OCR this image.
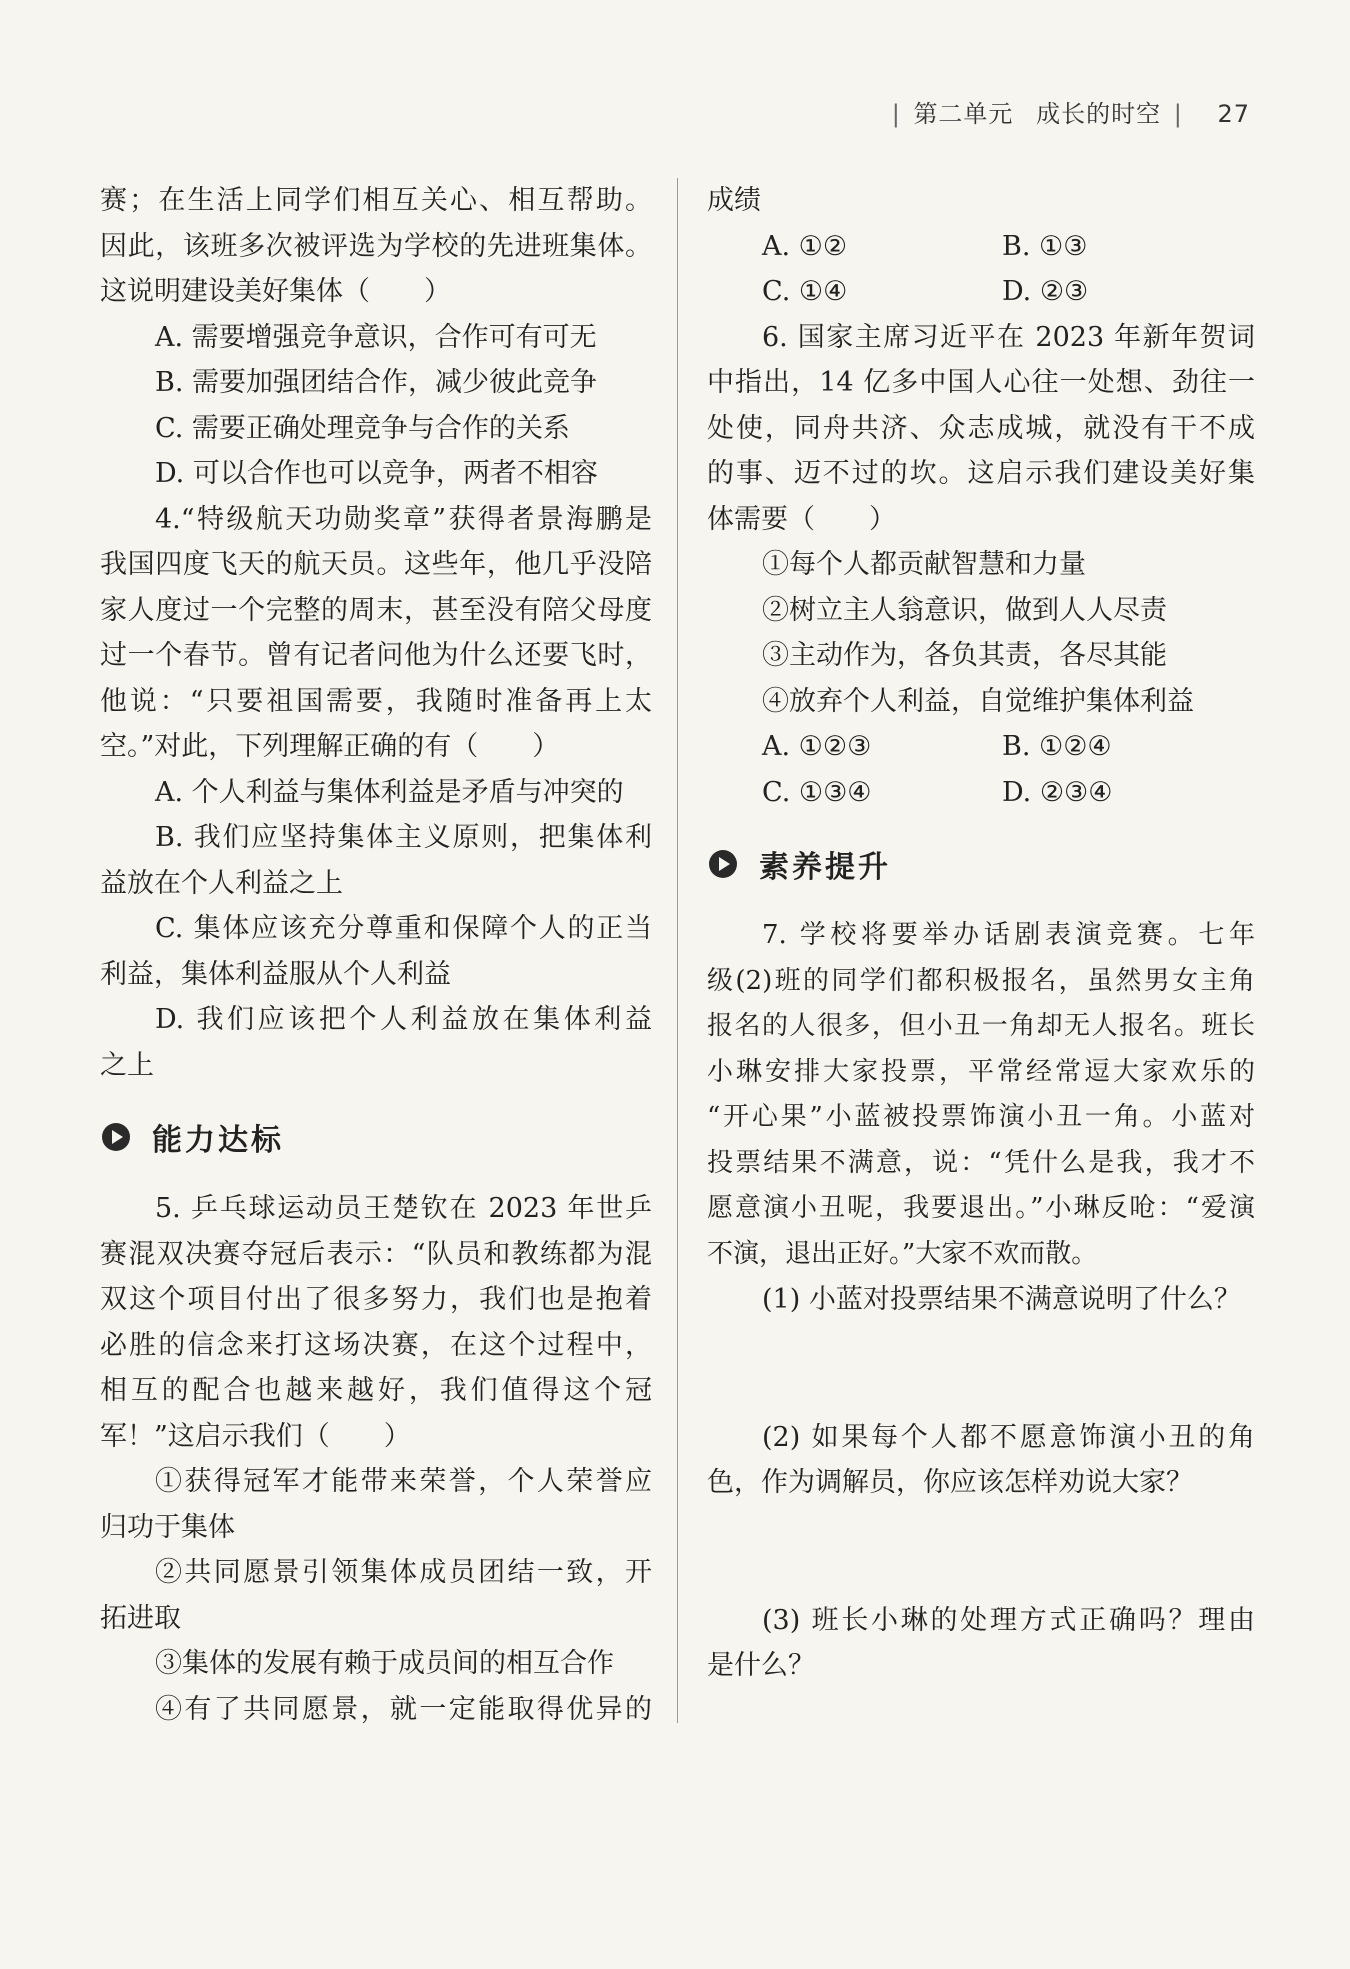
| 第二单元 成长的时空 | 27
赛；在生活上同学们相互关心、相互帮助。
因此，该班多次被评选为学校的先进班集体。
这说明建设美好集体（　　）
A. 需要增强竞争意识，合作可有可无
B. 需要加强团结合作，减少彼此竞争
C. 需要正确处理竞争与合作的关系
D. 可以合作也可以竞争，两者不相容
4.“特级航天功勋奖章”获得者景海鹏是
我国四度飞天的航天员。这些年，他几乎没陪
家人度过一个完整的周末，甚至没有陪父母度
过一个春节。曾有记者问他为什么还要飞时，
他说：“只要祖国需要，我随时准备再上太
空。”对此，下列理解正确的有（　　）
A. 个人利益与集体利益是矛盾与冲突的
B. 我们应坚持集体主义原则，把集体利
益放在个人利益之上
C. 集体应该充分尊重和保障个人的正当
利益，集体利益服从个人利益
D. 我们应该把个人利益放在集体利益
之上
能力达标
5. 乒乓球运动员王楚钦在 2023 年世乒
赛混双决赛夺冠后表示：“队员和教练都为混
双这个项目付出了很多努力，我们也是抱着
必胜的信念来打这场决赛，在这个过程中，
相互的配合也越来越好，我们值得这个冠
军！”这启示我们（　　）
①获得冠军才能带来荣誉，个人荣誉应
归功于集体
②共同愿景引领集体成员团结一致，开
拓进取
③集体的发展有赖于成员间的相互合作
④有了共同愿景，就一定能取得优异的
成绩
A. ①②	B. ①③
C. ①④	D. ②③
6. 国家主席习近平在 2023 年新年贺词
中指出，14 亿多中国人心往一处想、劲往一
处使，同舟共济、众志成城，就没有干不成
的事、迈不过的坎。这启示我们建设美好集
体需要（　　）
①每个人都贡献智慧和力量
②树立主人翁意识，做到人人尽责
③主动作为，各负其责，各尽其能
④放弃个人利益，自觉维护集体利益
A. ①②③	B. ①②④
C. ①③④	D. ②③④
素养提升
7. 学校将要举办话剧表演竞赛。七年
级(2)班的同学们都积极报名，虽然男女主角
报名的人很多，但小丑一角却无人报名。班长
小琳安排大家投票，平常经常逗大家欢乐的
“开心果”小蓝被投票饰演小丑一角。小蓝对
投票结果不满意，说：“凭什么是我，我才不
愿意演小丑呢，我要退出。”小琳反呛：“爱演
不演，退出正好。”大家不欢而散。
(1) 小蓝对投票结果不满意说明了什么？
(2) 如果每个人都不愿意饰演小丑的角
色，作为调解员，你应该怎样劝说大家？
(3) 班长小琳的处理方式正确吗？理由
是什么？
